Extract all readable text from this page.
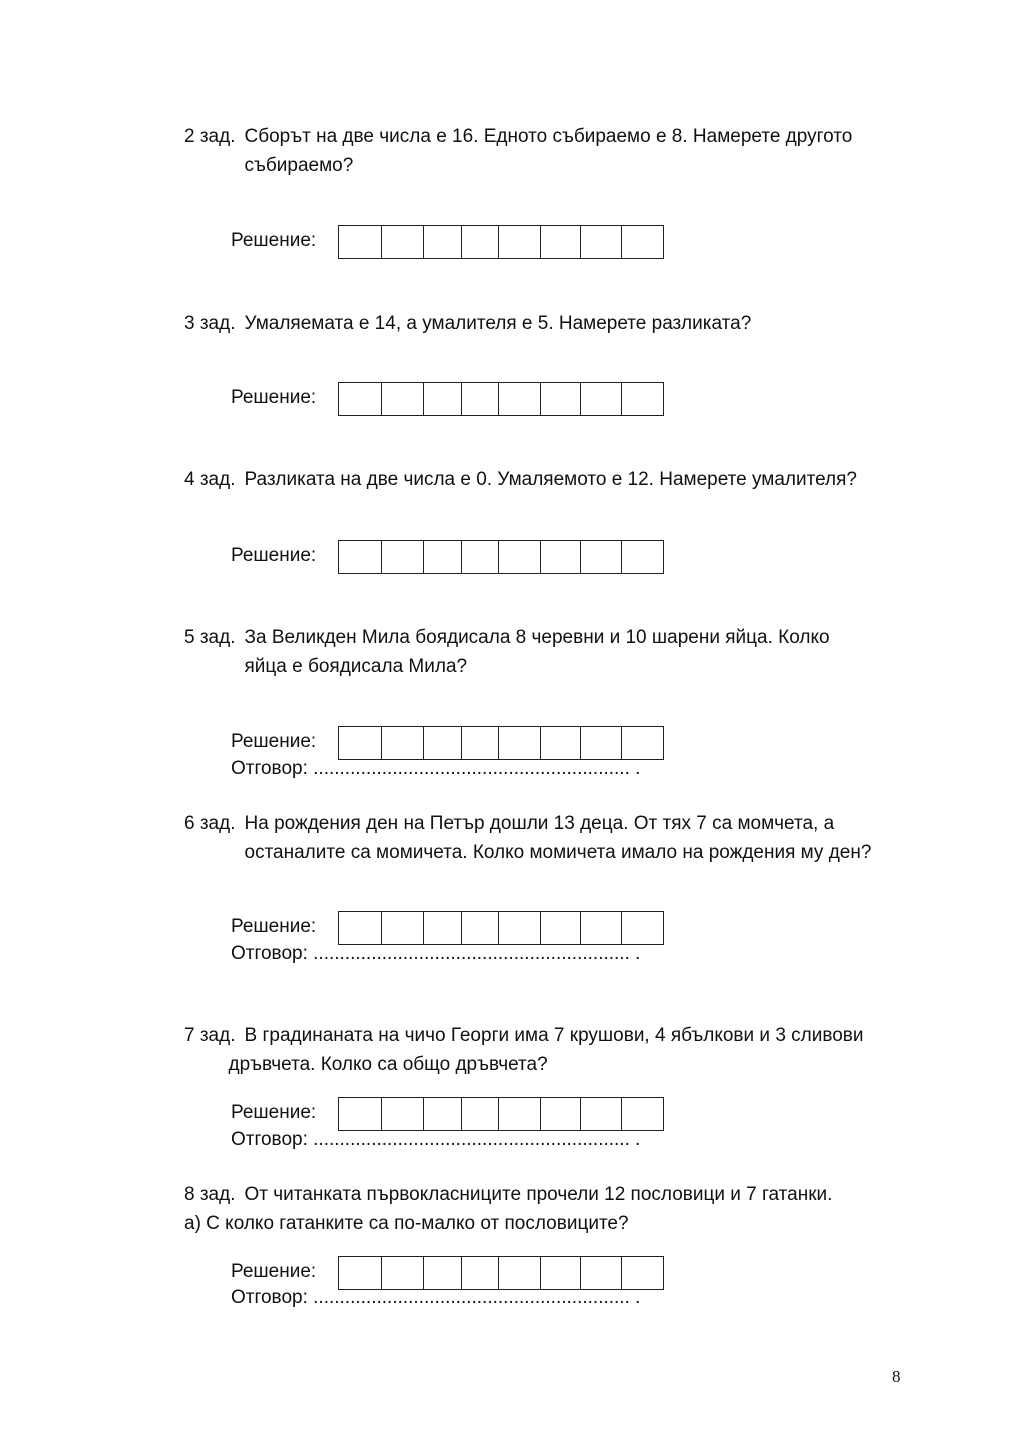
2 зад. Сборът на две числа е 16. Едното събираемо е 8. Намерете другото
събираемо?
Решение:
3 зад. Умаляемата е 14, а умалителя е 5. Намерете разликата?
Решение:
4 зад. Разликата на две числа е 0. Умаляемото е 12. Намерете умалителя?
Решение:
5 зад. За Великден Мила боядисала 8 черевни и 10 шарени яйца. Колко
яйца е боядисала Мила?
Решение:
Отговор: ............................................................ .
6 зад. На рождения ден на Петър дошли 13 деца. От тях 7 са момчета, а
останалите са момичета. Колко момичета имало на рождения му ден?
Решение:
Отговор: ............................................................ .
7 зад. В градинаната на чичо Георги има 7 крушови, 4 ябълкови и 3 сливови
дръвчета. Колко са общо дръвчета?
Решение:
Отговор: ............................................................ .
8 зад. От читанката първокласниците прочели 12 пословици и 7 гатанки.
а) С колко гатанките са по-малко от пословиците?
Решение:
Отговор: ............................................................ .
8
